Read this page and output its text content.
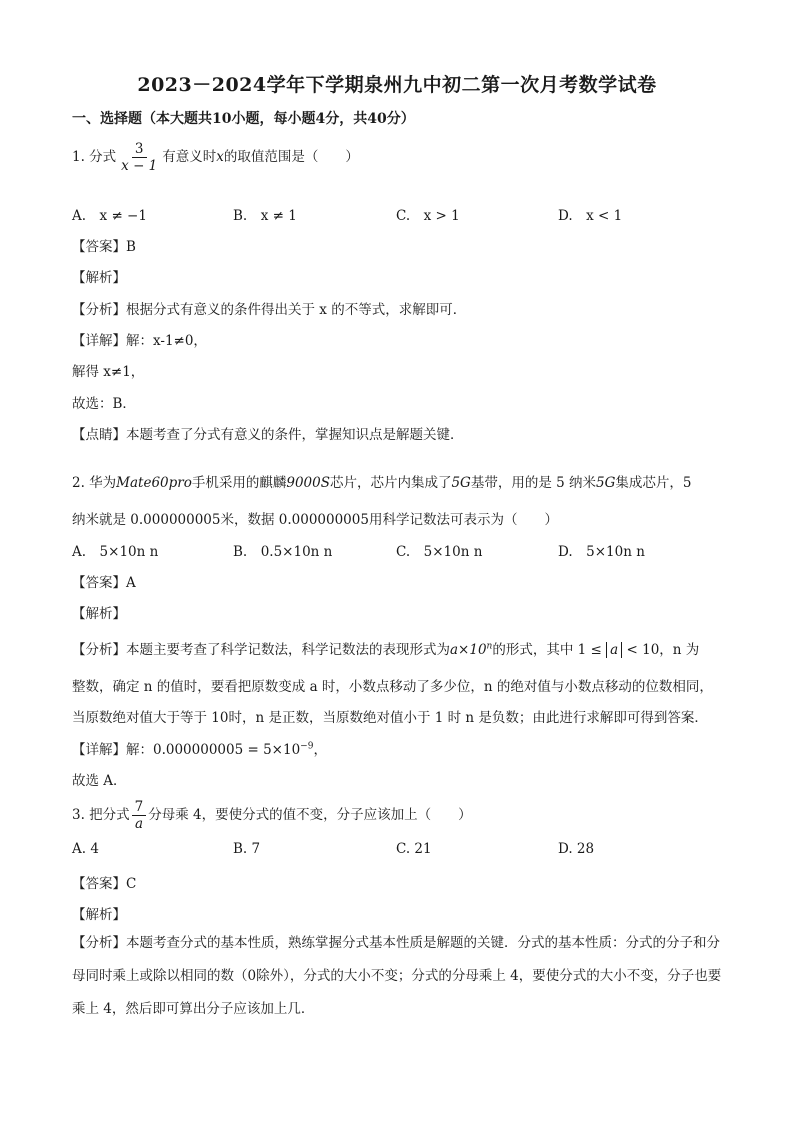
2023－2024学年下学期泉州九中初二第一次月考数学试卷
一、选择题（本大题共10小题，每小题4分，共40分）
1. 分式 $\frac{3}{x - 1}$ 有意义时x的取值范围是（　　）
A.　x ≠ −1	B.　x ≠ 1	C.　x > 1	D.　x < 1
【答案】B
【解析】
【分析】根据分式有意义的条件得出关于 x 的不等式，求解即可．
【详解】解：x-1≠0，
解得 x≠1，
故选：B．
【点睛】本题考查了分式有意义的条件，掌握知识点是解题关键．
2. 华为Mate60pro手机采用的麒麟9000S芯片，芯片内集成了5G基带，用的是 5 纳米5G集成芯片，5
纳米就是 0.000000005米，数据 0.000000005用科学记数法可表示为（　　）
A.　5×10n n	B.　0.5×10n n	C.　5×10n n	D.　5×10n n
【答案】A
【解析】
【分析】本题主要考查了科学记数法，科学记数法的表现形式为$a\times 10^n$的形式，其中 1 ≤ a < 10，n 为
整数，确定 n 的值时，要看把原数变成 a 时，小数点移动了多少位，n 的绝对值与小数点移动的位数相同，
当原数绝对值大于等于 10时，n 是正数，当原数绝对值小于 1 时 n 是负数；由此进行求解即可得到答案．
【详解】解：$0.000000005 = 5\times 10^{-9}$，
故选 A．
3. 把分式 $\frac{7}{a}$ 分母乘 4，要使分式的值不变，分子应该加上（　　）
A. 4	B. 7	C. 21	D. 28
【答案】C
【解析】
【分析】本题考查分式的基本性质，熟练掌握分式基本性质是解题的关键．分式的基本性质：分式的分子和分母同时乘上或除以相同的数（0除外），分式的大小不变；分式的分母乘上 4，要使分式的大小不变，分子也要乘上 4，然后即可算出分子应该加上几．
